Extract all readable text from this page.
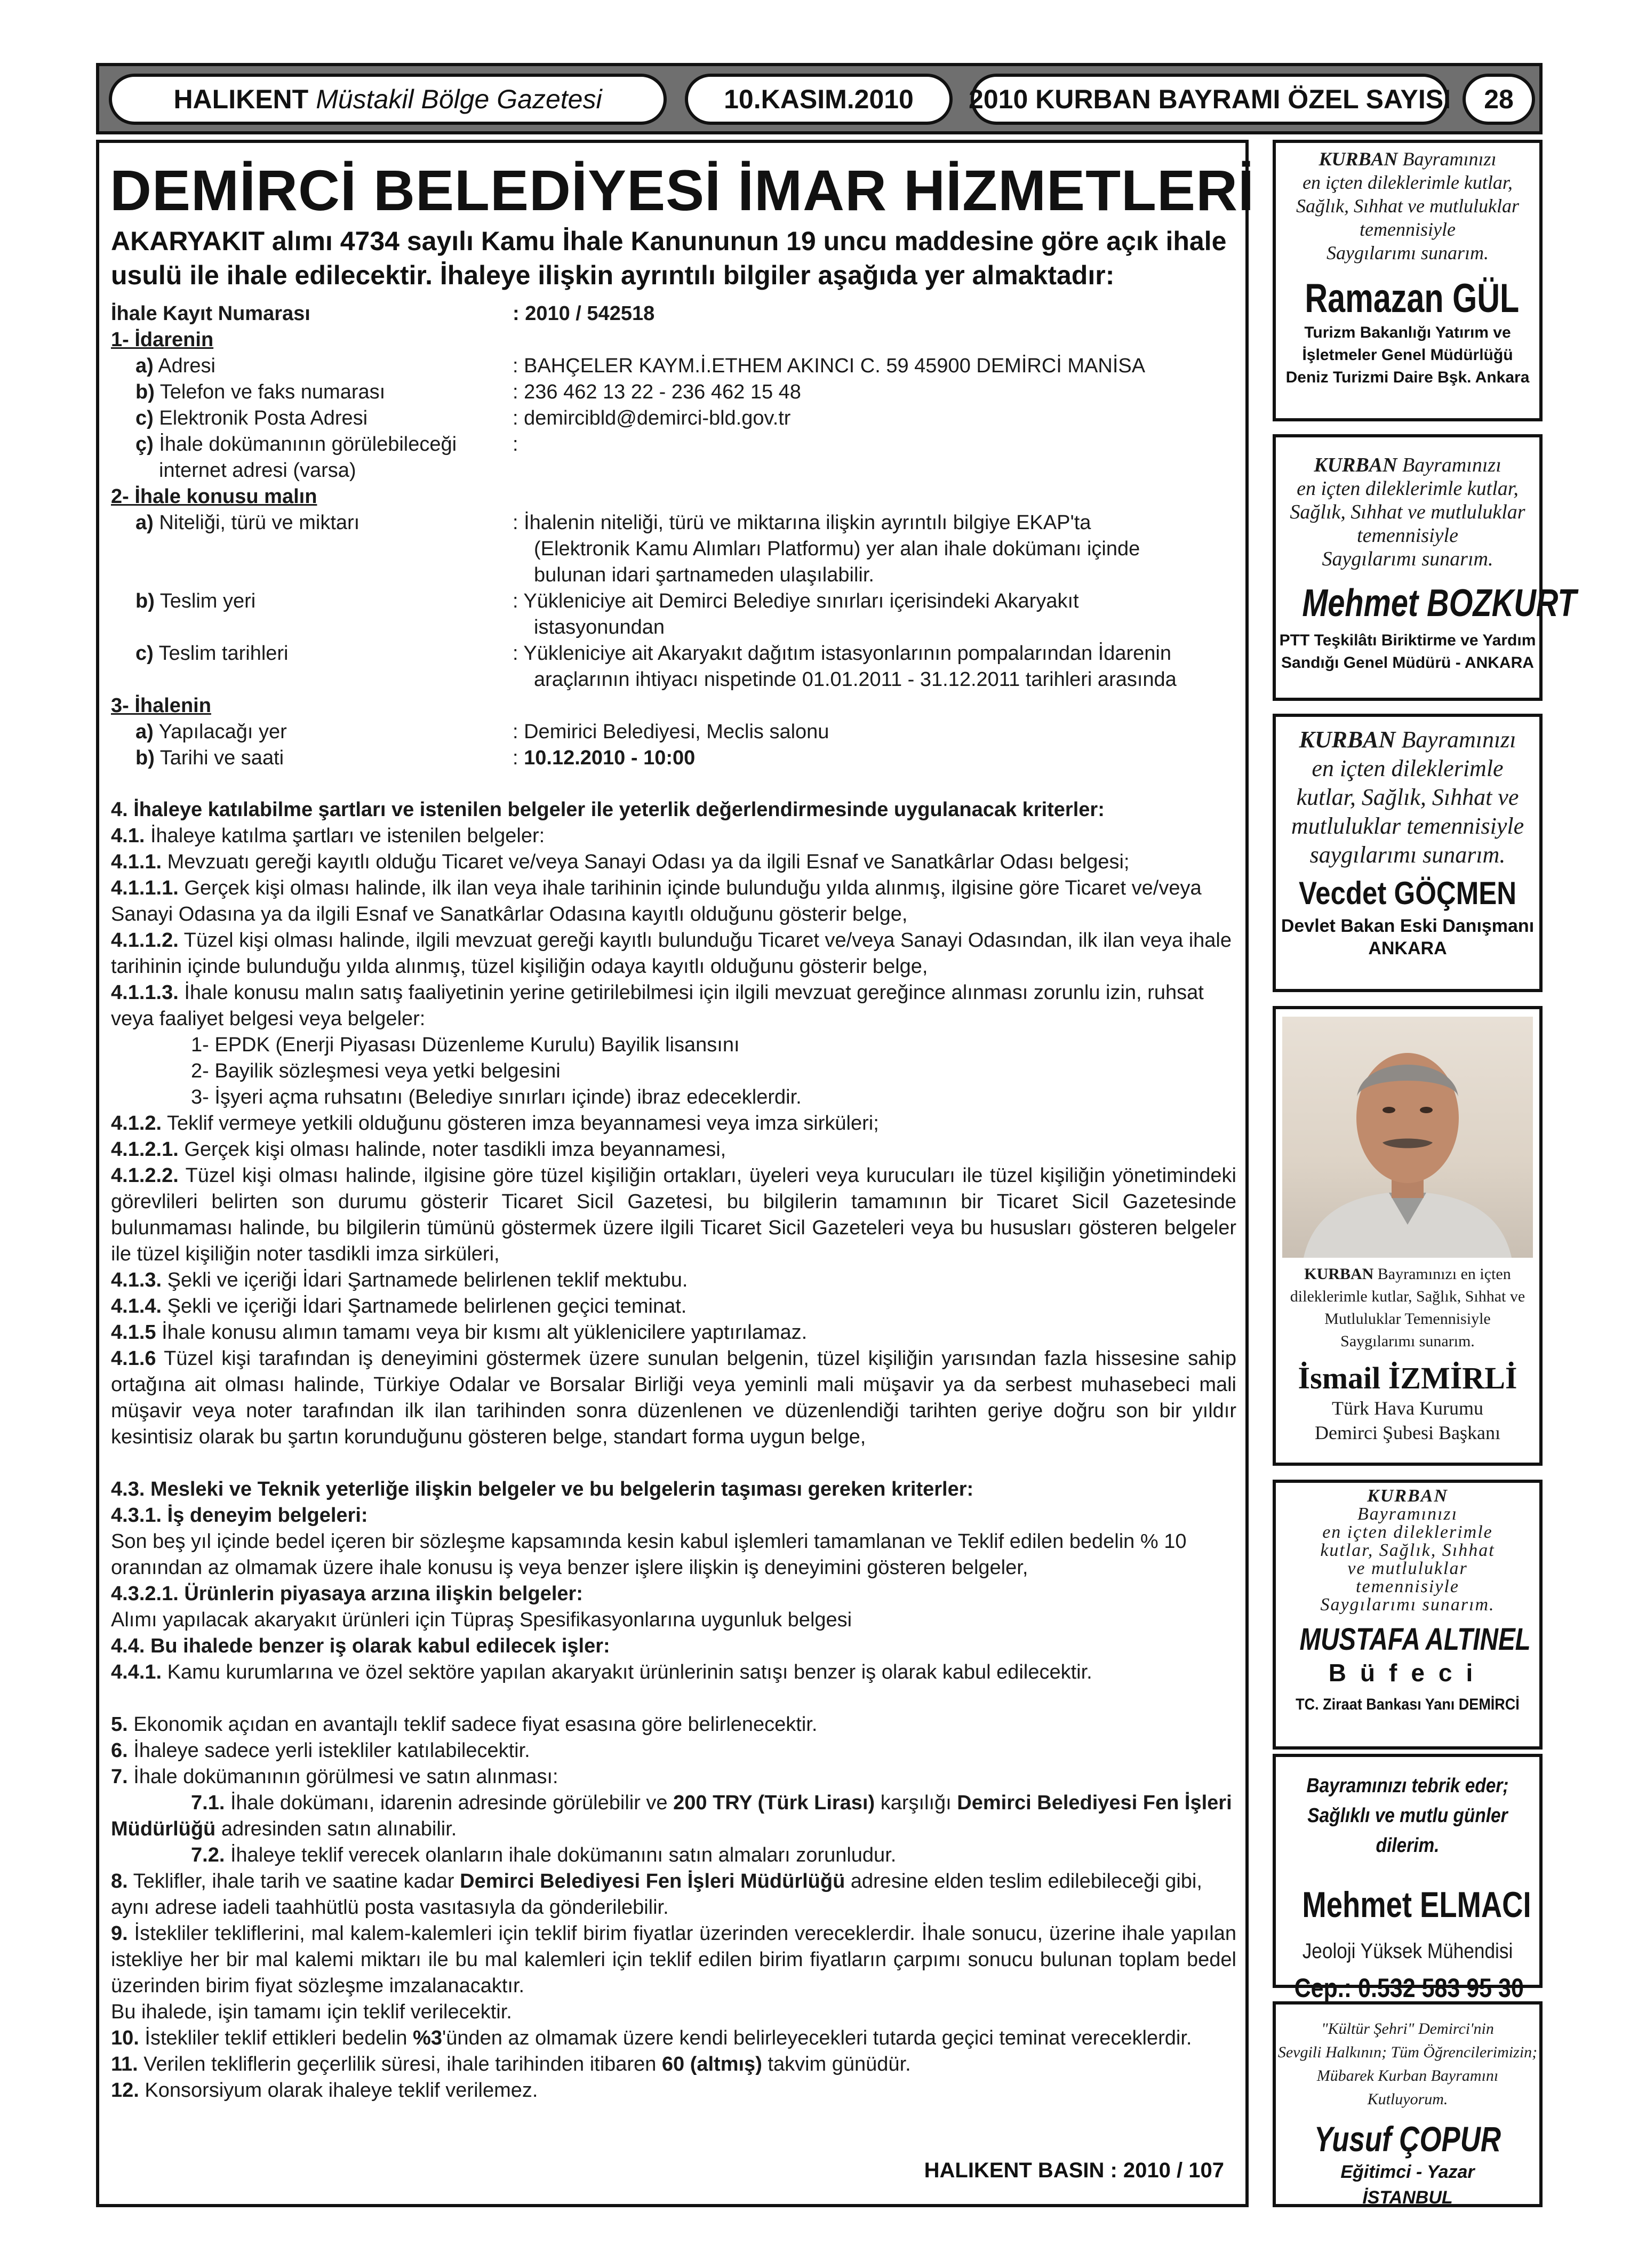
HALIKENT Müstakil Bölge Gazetesi	10.KASIM.2010	2010 KURBAN BAYRAMI ÖZEL SAYISI	28
DEMİRCİ BELEDİYESİ İMAR HİZMETLERİ
AKARYAKIT alımı 4734 sayılı Kamu İhale Kanununun 19 uncu maddesine göre açık ihale usulü ile ihale edilecektir. İhaleye ilişkin ayrıntılı bilgiler aşağıda yer almaktadır:
İhale Kayıt Numarası	: 2010 / 542518
1- İdarenin
a) Adresi	: BAHÇELER KAYM.İ.ETHEM AKINCI C. 59 45900 DEMİRCİ MANİSA
b) Telefon ve faks numarası	: 236 462 13 22 - 236 462 15 48
c) Elektronik Posta Adresi	: demircibld@demirci-bld.gov.tr
ç) İhale dokümanının görülebileceği	:
internet adresi (varsa)
2- İhale konusu malın
a) Niteliği, türü ve miktarı	: İhalenin niteliği, türü ve miktarına ilişkin ayrıntılı bilgiye EKAP'ta
(Elektronik Kamu Alımları Platformu) yer alan ihale dokümanı içinde
bulunan idari şartnameden ulaşılabilir.
b) Teslim yeri	: Yükleniciye ait Demirci Belediye sınırları içerisindeki Akaryakıt
istasyonundan
c) Teslim tarihleri	: Yükleniciye ait Akaryakıt dağıtım istasyonlarının pompalarından İdarenin
araçlarının ihtiyacı nispetinde 01.01.2011 - 31.12.2011 tarihleri arasında
3- İhalenin
a) Yapılacağı yer	: Demirici Belediyesi, Meclis salonu
b) Tarihi ve saati	: 10.12.2010 - 10:00

4. İhaleye katılabilme şartları ve istenilen belgeler ile yeterlik değerlendirmesinde uygulanacak kriterler:

4.1. İhaleye katılma şartları ve istenilen belgeler:

4.1.1. Mevzuatı gereği kayıtlı olduğu Ticaret ve/veya Sanayi Odası ya da ilgili Esnaf ve Sanatkârlar Odası belgesi;

4.1.1.1. Gerçek kişi olması halinde, ilk ilan veya ihale tarihinin içinde bulunduğu yılda alınmış, ilgisine göre Ticaret ve/veya Sanayi Odasına ya da ilgili Esnaf ve Sanatkârlar Odasına kayıtlı olduğunu gösterir belge,

4.1.1.2. Tüzel kişi olması halinde, ilgili mevzuat gereği kayıtlı bulunduğu Ticaret ve/veya Sanayi Odasından, ilk ilan veya ihale tarihinin içinde bulunduğu yılda alınmış, tüzel kişiliğin odaya kayıtlı olduğunu gösterir belge,

4.1.1.3. İhale konusu malın satış faaliyetinin yerine getirilebilmesi için ilgili mevzuat gereğince alınması zorunlu izin, ruhsat veya faaliyet belgesi veya belgeler:

1- EPDK (Enerji Piyasası Düzenleme Kurulu) Bayilik lisansını

2- Bayilik sözleşmesi veya yetki belgesini

3- İşyeri açma ruhsatını (Belediye sınırları içinde) ibraz edeceklerdir.

4.1.2. Teklif vermeye yetkili olduğunu gösteren imza beyannamesi veya imza sirküleri;

4.1.2.1. Gerçek kişi olması halinde, noter tasdikli imza beyannamesi,

4.1.2.2. Tüzel kişi olması halinde, ilgisine göre tüzel kişiliğin ortakları, üyeleri veya kurucuları ile tüzel kişiliğin yönetimindeki görevlileri belirten son durumu gösterir Ticaret Sicil Gazetesi, bu bilgilerin tamamının bir Ticaret Sicil Gazetesinde bulunmaması halinde, bu bilgilerin tümünü göstermek üzere ilgili Ticaret Sicil Gazeteleri veya bu hususları gösteren belgeler ile tüzel kişiliğin noter tasdikli imza sirküleri,

4.1.3. Şekli ve içeriği İdari Şartnamede belirlenen teklif mektubu.

4.1.4. Şekli ve içeriği İdari Şartnamede belirlenen geçici teminat.

4.1.5 İhale konusu alımın tamamı veya bir kısmı alt yüklenicilere yaptırılamaz.

4.1.6 Tüzel kişi tarafından iş deneyimini göstermek üzere sunulan belgenin, tüzel kişiliğin yarısından fazla hissesine sahip ortağına ait olması halinde, Türkiye Odalar ve Borsalar Birliği veya yeminli mali müşavir ya da serbest muhasebeci mali müşavir veya noter tarafından ilk ilan tarihinden sonra düzenlenen ve düzenlendiği tarihten geriye doğru son bir yıldır kesintisiz olarak bu şartın korunduğunu gösteren belge, standart forma uygun belge,

4.3. Mesleki ve Teknik yeterliğe ilişkin belgeler ve bu belgelerin taşıması gereken kriterler:

4.3.1. İş deneyim belgeleri:

Son beş yıl içinde bedel içeren bir sözleşme kapsamında kesin kabul işlemleri tamamlanan ve Teklif edilen bedelin % 10 oranından az olmamak üzere ihale konusu iş veya benzer işlere ilişkin iş deneyimini gösteren belgeler,

4.3.2.1. Ürünlerin piyasaya arzına ilişkin belgeler:

Alımı yapılacak akaryakıt ürünleri için Tüpraş Spesifikasyonlarına uygunluk belgesi

4.4. Bu ihalede benzer iş olarak kabul edilecek işler:

4.4.1. Kamu kurumlarına ve özel sektöre yapılan akaryakıt ürünlerinin satışı benzer iş olarak kabul edilecektir.

5. Ekonomik açıdan en avantajlı teklif sadece fiyat esasına göre belirlenecektir.

6. İhaleye sadece yerli istekliler katılabilecektir.

7. İhale dokümanının görülmesi ve satın alınması:

7.1. İhale dokümanı, idarenin adresinde görülebilir ve 200 TRY (Türk Lirası) karşılığı Demirci Belediyesi Fen İşleri Müdürlüğü adresinden satın alınabilir.

7.2. İhaleye teklif verecek olanların ihale dokümanını satın almaları zorunludur.

8. Teklifler, ihale tarih ve saatine kadar Demirci Belediyesi Fen İşleri Müdürlüğü adresine elden teslim edilebileceği gibi, aynı adrese iadeli taahhütlü posta vasıtasıyla da gönderilebilir.

9. İstekliler tekliflerini, mal kalem-kalemleri için teklif birim fiyatlar üzerinden vereceklerdir. İhale sonucu, üzerine ihale yapılan istekliye her bir mal kalemi miktarı ile bu mal kalemleri için teklif edilen birim fiyatların çarpımı sonucu bulunan toplam bedel üzerinden birim fiyat sözleşme imzalanacaktır.

Bu ihalede, işin tamamı için teklif verilecektir.

10. İstekliler teklif ettikleri bedelin %3'ünden az olmamak üzere kendi belirleyecekleri tutarda geçici teminat vereceklerdir.

11. Verilen tekliflerin geçerlilik süresi, ihale tarihinden itibaren 60 (altmış) takvim günüdür.

12. Konsorsiyum olarak ihaleye teklif verilemez.

HALIKENT BASIN : 2010 / 107
KURBAN Bayramınızı
en içten dileklerimle kutlar,
Sağlık, Sıhhat ve mutluluklar
temennisiyle
Saygılarımı sunarım.
Ramazan GÜL
Turizm Bakanlığı Yatırım ve
İşletmeler Genel Müdürlüğü
Deniz Turizmi Daire Bşk. Ankara
KURBAN Bayramınızı
en içten dileklerimle kutlar,
Sağlık, Sıhhat ve mutluluklar
temennisiyle
Saygılarımı sunarım.
Mehmet BOZKURT
PTT Teşkilâtı Biriktirme ve Yardım
Sandığı Genel Müdürü - ANKARA
KURBAN Bayramınızı
en içten dileklerimle
kutlar, Sağlık, Sıhhat ve
mutluluklar temennisiyle
saygılarımı sunarım.
Vecdet GÖÇMEN
Devlet Bakan Eski Danışmanı
ANKARA
KURBAN Bayramınızı en içten
dileklerimle kutlar, Sağlık, Sıhhat ve
Mutluluklar Temennisiyle
Saygılarımı sunarım.
İsmail İZMİRLİ
Türk Hava Kurumu
Demirci Şubesi Başkanı
KURBAN
Bayramınızı
en içten dileklerimle
kutlar, Sağlık, Sıhhat
ve mutluluklar
temennisiyle
Saygılarımı sunarım.
MUSTAFA ALTINEL
Büfeci
TC. Ziraat Bankası Yanı DEMİRCİ
Bayramınızı tebrik eder;
Sağlıklı ve mutlu günler dilerim.
Mehmet ELMACI
Jeoloji Yüksek Mühendisi
Cep.: 0.532 583 95 30
"Kültür Şehri" Demirci'nin
Sevgili Halkının; Tüm Öğrencilerimizin;
Mübarek Kurban Bayramını Kutluyorum.
Yusuf ÇOPUR
Eğitimci - Yazar
İSTANBUL
